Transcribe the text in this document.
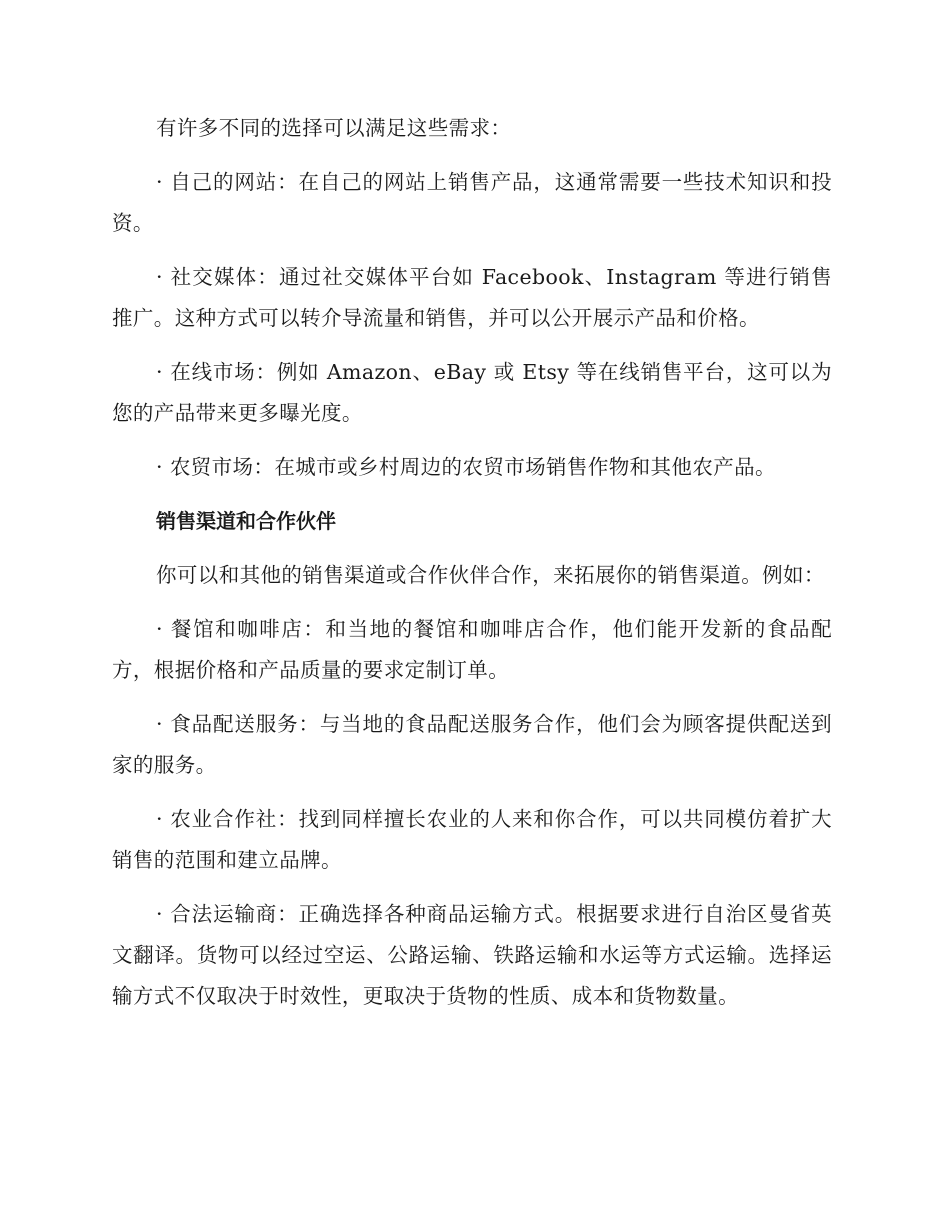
有许多不同的选择可以满足这些需求：

· 自己的网站：在自己的网站上销售产品，这通常需要一些技术知识和投资。

· 社交媒体：通过社交媒体平台如 Facebook、Instagram 等进行销售推广。这种方式可以转介导流量和销售，并可以公开展示产品和价格。

· 在线市场：例如 Amazon、eBay 或 Etsy 等在线销售平台，这可以为您的产品带来更多曝光度。

· 农贸市场：在城市或乡村周边的农贸市场销售作物和其他农产品。

销售渠道和合作伙伴

你可以和其他的销售渠道或合作伙伴合作，来拓展你的销售渠道。例如：

· 餐馆和咖啡店：和当地的餐馆和咖啡店合作，他们能开发新的食品配方，根据价格和产品质量的要求定制订单。

· 食品配送服务：与当地的食品配送服务合作，他们会为顾客提供配送到家的服务。

· 农业合作社：找到同样擅长农业的人来和你合作，可以共同模仿着扩大销售的范围和建立品牌。

· 合法运输商：正确选择各种商品运输方式。根据要求进行自治区曼省英文翻译。货物可以经过空运、公路运输、铁路运输和水运等方式运输。选择运输方式不仅取决于时效性，更取决于货物的性质、成本和货物数量。
